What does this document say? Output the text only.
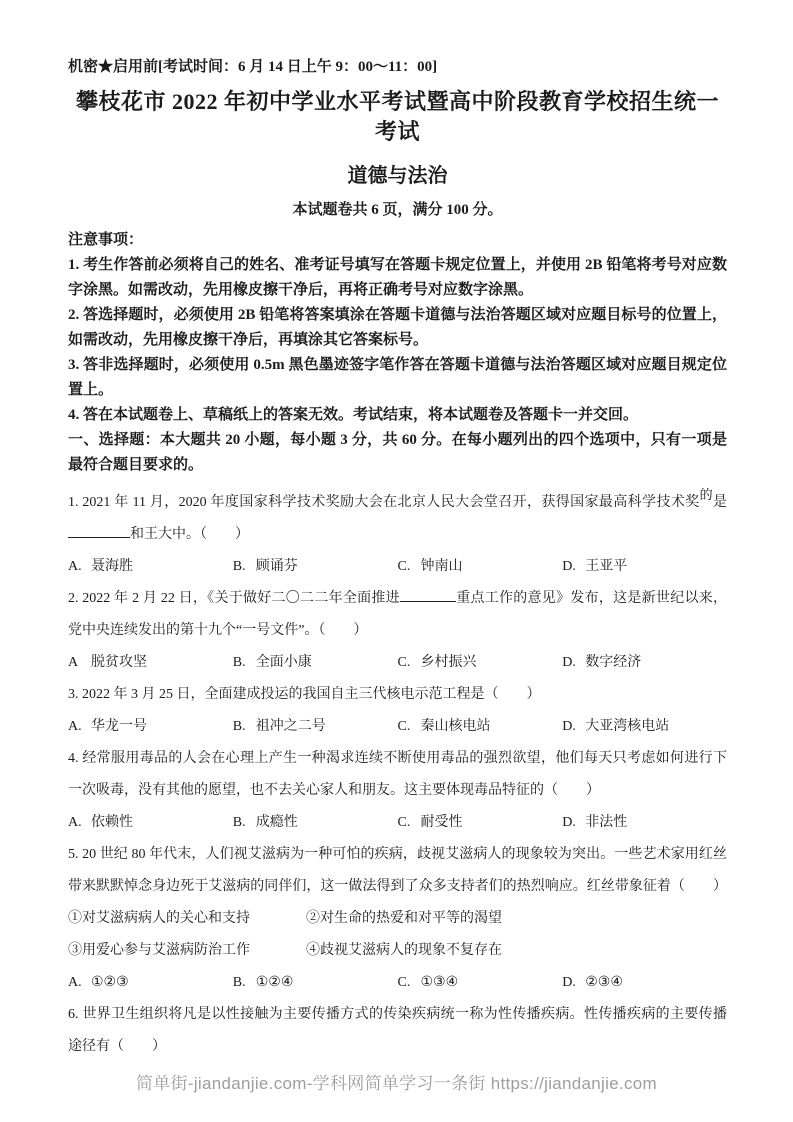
机密★启用前[考试时间：6 月 14 日上午 9：00～11：00]
攀枝花市 2022 年初中学业水平考试暨高中阶段教育学校招生统一考试
道德与法治
本试题卷共 6 页，满分 100 分。

注意事项：

1. 考生作答前必须将自己的姓名、准考证号填写在答题卡规定位置上，并使用 2B 铅笔将考号对应数字涂黑。如需改动，先用橡皮擦干净后，再将正确考号对应数字涂黑。

2. 答选择题时，必须使用 2B 铅笔将答案填涂在答题卡道德与法治答题区域对应题目标号的位置上，如需改动，先用橡皮擦干净后，再填涂其它答案标号。

3. 答非选择题时，必须使用 0.5m 黑色墨迹签字笔作答在答题卡道德与法治答题区域对应题目规定位置上。

4. 答在本试题卷上、草稿纸上的答案无效。考试结束，将本试题卷及答题卡一并交回。

一、选择题：本大题共 20 小题，每小题 3 分，共 60 分。在每小题列出的四个选项中，只有一项是最符合题目要求的。

1. 2021 年 11 月，2020 年度国家科学技术奖励大会在北京人民大会堂召开，获得国家最高科学技术奖的是
和王大中。（　　）
A. 聂海胜	B. 顾诵芬	C. 钟南山	D. 王亚平
2. 2022 年 2 月 22 日，《关于做好二〇二二年全面推进	重点工作的意见》发布，这是新世纪以来，
党中央连续发出的第十九个“一号文件”。（　　）
A 脱贫攻坚	B. 全面小康	C. 乡村振兴	D. 数字经济
3. 2022 年 3 月 25 日，全面建成投运的我国自主三代核电示范工程是（　　）
A. 华龙一号	B. 祖冲之二号	C. 秦山核电站	D. 大亚湾核电站
4. 经常服用毒品的人会在心理上产生一种渴求连续不断使用毒品的强烈欲望，他们每天只考虑如何进行下
一次吸毒，没有其他的愿望，也不去关心家人和朋友。这主要体现毒品特征的（　　）
A. 依赖性	B. 成瘾性	C. 耐受性	D. 非法性
5. 20 世纪 80 年代末，人们视艾滋病为一种可怕的疾病，歧视艾滋病人的现象较为突出。一些艺术家用红丝
带来默默悼念身边死于艾滋病的同伴们，这一做法得到了众多支持者们的热烈响应。红丝带象征着（　　）
①对艾滋病病人的关心和支持	②对生命的热爱和对平等的渴望
③用爱心参与艾滋病防治工作	④歧视艾滋病人的现象不复存在
A. ①②③	B. ①②④	C. ①③④	D. ②③④
6. 世界卫生组织将凡是以性接触为主要传播方式的传染疾病统一称为性传播疾病。性传播疾病的主要传播
途径有（　　）
简单街-jiandanjie.com-学科网简单学习一条街 https://jiandanjie.com
